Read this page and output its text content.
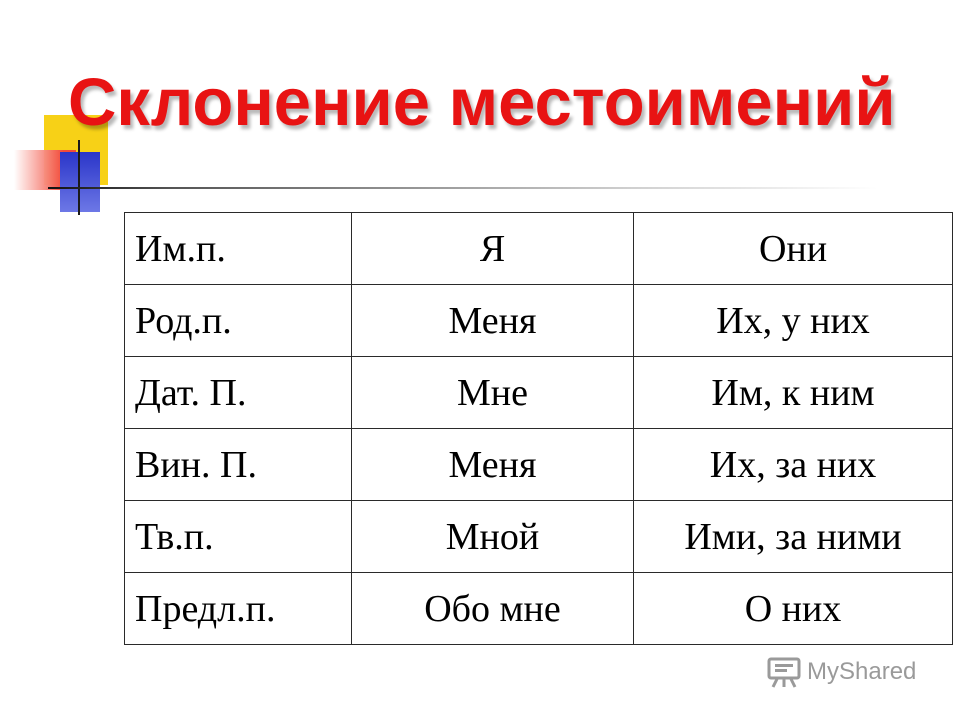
Склонение местоимений
Им.п.	Я	Они
Род.п.	Меня	Их, у них
Дат. П.	Мне	Им, к ним
Вин. П.	Меня	Их, за них
Тв.п.	Мной	Ими, за ними
Предл.п.	Обо мне	О них
MyShared
